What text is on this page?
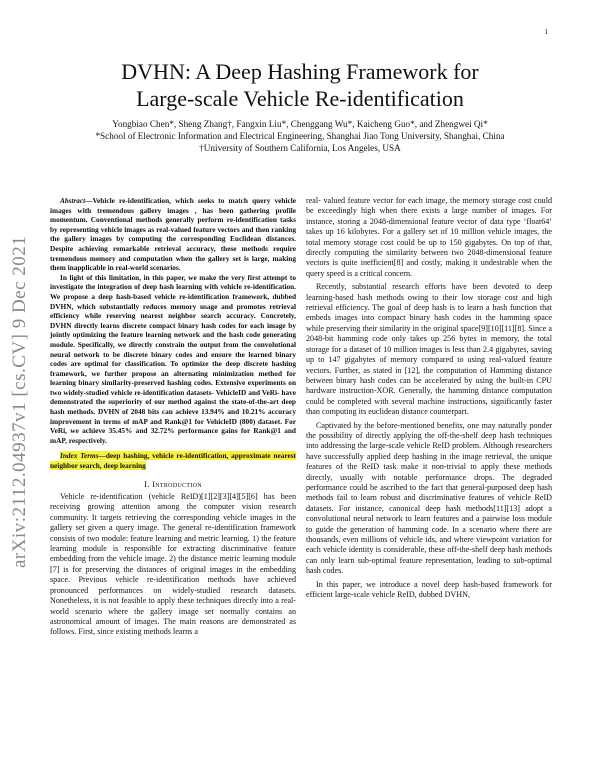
1
arXiv:2112.04937v1 [cs.CV] 9 Dec 2021
DVHN: A Deep Hashing Framework for
Large-scale Vehicle Re-identification
Yongbiao Chen*, Sheng Zhang†, Fangxin Liu*, Chenggang Wu*, Kaicheng Guo*, and Zhengwei Qi*
*School of Electronic Information and Electrical Engineering, Shanghai Jiao Tong University, Shanghai, China
†University of Southern California, Los Angeles, USA

Abstract—Vehicle re-identification, which seeks to match query vehicle images with tremendous gallery images , has been gathering profile momentum. Conventional methods generally perform re-identification tasks by representing vehicle images as real-valued feature vectors and then ranking the gallery images by computing the corresponding Euclidean distances. Despite achieving remarkable retrieval accuracy, these methods require tremendous memory and computation when the gallery set is large, making them inapplicable in real-world scenarios.

In light of this limitation, in this paper, we make the very first attempt to investigate the integration of deep hash learning with vehicle re-identification. We propose a deep hash-based vehicle re-identification framework, dubbed DVHN, which substantially reduces memory usage and promotes retrieval efficiency while reserving nearest neighbor search accuracy. Concretely, DVHN directly learns discrete compact binary hash codes for each image by jointly optimizing the feature learning network and the hash code generating module. Specifically, we directly constrain the output from the convolutional neural network to be discrete binary codes and ensure the learned binary codes are optimal for classification. To optimize the deep discrete hashing framework, we further propose an alternating minimization method for learning binary similarity-preserved hashing codes. Extensive experiments on two widely-studied vehicle re-identification datasets- VehicleID and VeRi- have demonstrated the superiority of our method against the state-of-the-art deep hash methods. DVHN of 2048 bits can achieve 13.94% and 10.21% accuracy improvement in terms of mAP and Rank@1 for VehicleID (800) dataset. For VeRi, we achieve 35.45% and 32.72% performance gains for Rank@1 and mAP, respectively.

Index Terms—deep hashing, vehicle re-identification, approximate nearest neighbor search, deep learning
I. Introduction

Vehicle re-identification (vehicle ReID)[1][2][3][4][5][6] has been receiving growing attention among the computer vision research community. It targets retrieving the corresponding vehicle images in the gallery set given a query image. The general re-identification framework consists of two module: feature learning and metric learning. 1) the feature learning module is responsible for extracting discriminative feature embedding from the vehicle image. 2) the distance metric learning module [7] is for preserving the distances of original images in the embedding space. Previous vehicle re-identification methods have achieved pronounced performances on widely-studied research datasets. Nonetheless, it is not feasible to apply these techniques directly into a real-world scenario where the gallery image set normally contains an astronomical amount of images. The main reasons are demonstrated as follows. First, since existing methods learns a

real- valued feature vector for each image, the memory storage cost could be exceedingly high when there exists a large number of images. For instance, storing a 2048-dimensional feature vector of data type ‘float64’ takes up 16 kilobytes. For a gallery set of 10 million vehicle images, the total memory storage cost could be up to 150 gigabytes. On top of that, directly computing the similarity between two 2048-dimensional feature vectors is quite inefficient[8] and costly, making it undesirable when the query speed is a critical concern.

Recently, substantial research efforts have been devoted to deep learning-based hash methods owing to their low storage cost and high retrieval efficiency. The goal of deep hash is to learn a hash function that embeds images into compact binary hash codes in the hamming space while preserving their similarity in the original space[9][10][11][8]. Since a 2048-bit hamming code only takes up 256 bytes in memory, the total storage for a dataset of 10 million images is less than 2.4 gigabytes, saving up to 147 gigabytes of memory compared to using real-valued feature vectors. Further, as stated in [12], the computation of Hamming distance between binary hash codes can be accelerated by using the built-in CPU hardware instruction-XOR. Generally, the hamming distance computation could be completed with several machine instructions, significantly faster than computing its euclidean distance counterpart.

Captivated by the before-mentioned benefits, one may naturally ponder the possibility of directly applying the off-the-shelf deep hash techniques into addressing the large-scale vehicle ReID problem. Although researchers have successfully applied deep hashing in the image retrieval, the unique features of the ReID task make it non-trivial to apply these methods directly, usually with notable performance drops. The degraded performance could be ascribed to the fact that general-purposed deep hash methods fail to learn robust and discriminative features of vehicle ReID datasets. For instance, canonical deep hash methods[11][13] adopt a convolutional neural network to learn features and a pairwise loss module to guide the generation of hamming code. In a scenario where there are thousands, even millions of vehicle ids, and where viewpoint variation for each vehicle identity is considerable, these off-the-shelf deep hash methods can only learn sub-optimal feature representation, leading to sub-optimal hash codes.

In this paper, we introduce a novel deep hash-based framework for efficient large-scale vehicle ReID, dubbed DVHN,
